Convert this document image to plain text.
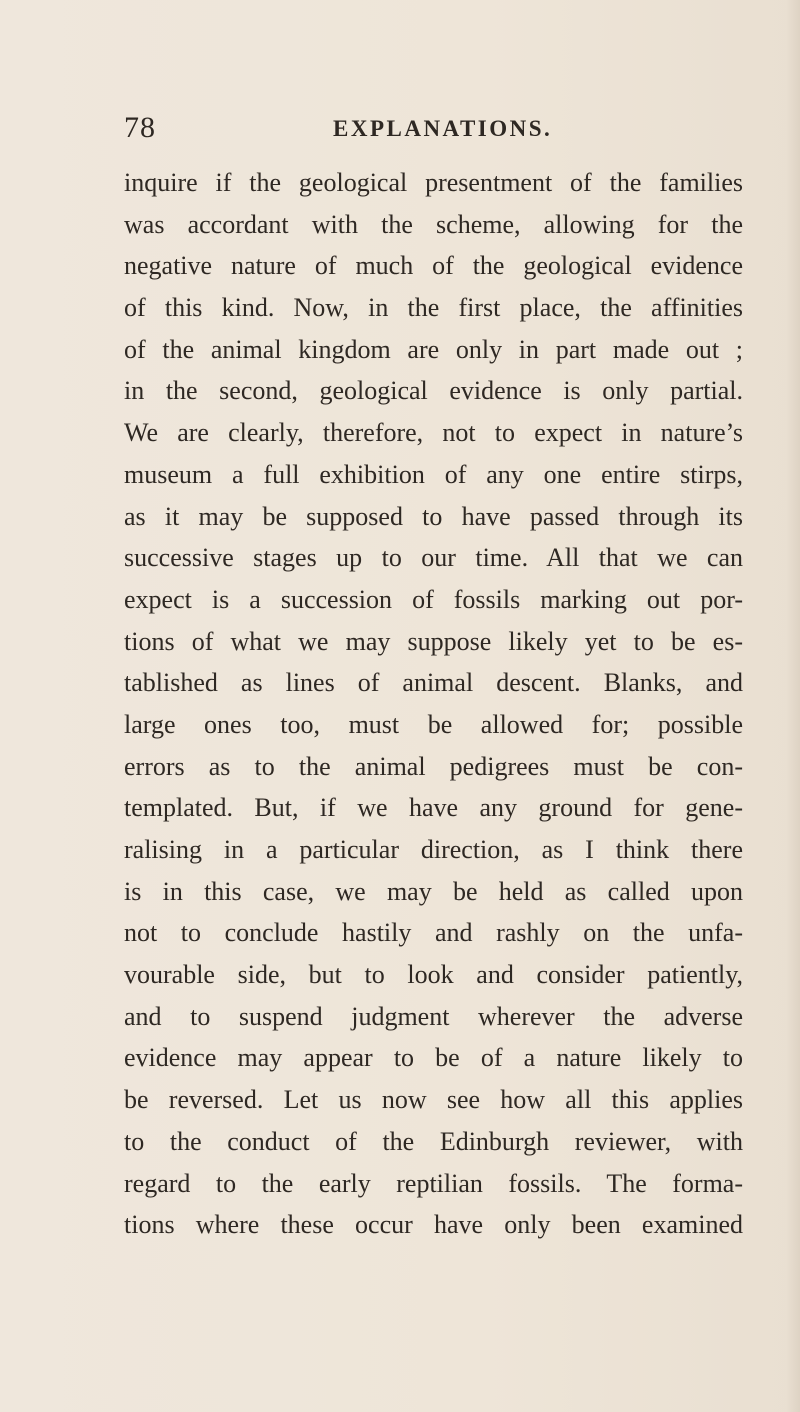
78	EXPLANATIONS.
inquire if the geological presentment of the families
was accordant with the scheme, allowing for the
negative nature of much of the geological evidence
of this kind. Now, in the first place, the affinities
of the animal kingdom are only in part made out ;
in the second, geological evidence is only partial.
We are clearly, therefore, not to expect in nature’s
museum a full exhibition of any one entire stirps,
as it may be supposed to have passed through its
successive stages up to our time. All that we can
expect is a succession of fossils marking out por-
tions of what we may suppose likely yet to be es-
tablished as lines of animal descent. Blanks, and
large ones too, must be allowed for; possible
errors as to the animal pedigrees must be con-
templated. But, if we have any ground for gene-
ralising in a particular direction, as I think there
is in this case, we may be held as called upon
not to conclude hastily and rashly on the unfa-
vourable side, but to look and consider patiently,
and to suspend judgment wherever the adverse
evidence may appear to be of a nature likely to
be reversed. Let us now see how all this applies
to the conduct of the Edinburgh reviewer, with
regard to the early reptilian fossils. The forma-
tions where these occur have only been examined
